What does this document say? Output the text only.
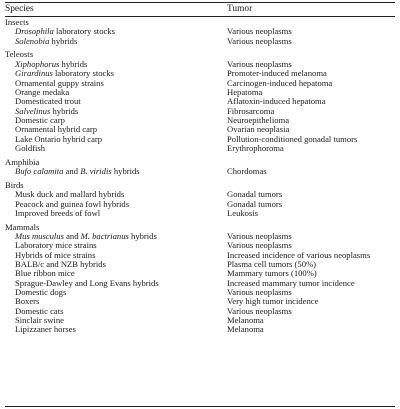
Species	Tumor
Insects
Drosophila laboratory stocks	Various neoplasms
Solenobia hybrids	Various neoplasms
Teleosts
Xiphophorus hybrids	Various neoplasms
Girardinus laboratory stocks	Promoter-induced melanoma
Ornamental guppy strains	Carcinogen-induced hepatoma
Orange medaka	Hepatoma
Domesticated trout	Aflatoxin-induced hepatoma
Salvelinus hybrids	Fibrosarcoma
Domestic carp	Neuroepithelioma
Ornamental hybrid carp	Ovarian neoplasia
Lake Ontario hybrid carp	Pollution-conditioned gonadal tumors
Goldfish	Erythrophoroma
Amphibia
Bufo calamita and B. viridis hybrids	Chordomas
Birds
Musk duck and mallard hybrids	Gonadal tumors
Peacock and guinea fowl hybrids	Gonadal tumors
Improved breeds of fowl	Leukosis
Mammals
Mus musculus and M. bactrianus hybrids	Various neoplasms
Laboratory mice strains	Various neoplasms
Hybrids of mice strains	Increased incidence of various neoplasms
BALB/c and NZB hybrids	Plasma cell tumors (50%)
Blue ribbon mice	Mammary tumors (100%)
Sprague-Dawley and Long Evans hybrids	Increased mammary tumor incidence
Domestic dogs	Various neoplasms
Boxers	Very high tumor incidence
Domestic cats	Various neoplasms
Sinclair swine	Melanoma
Lipizzaner horses	Melanoma
